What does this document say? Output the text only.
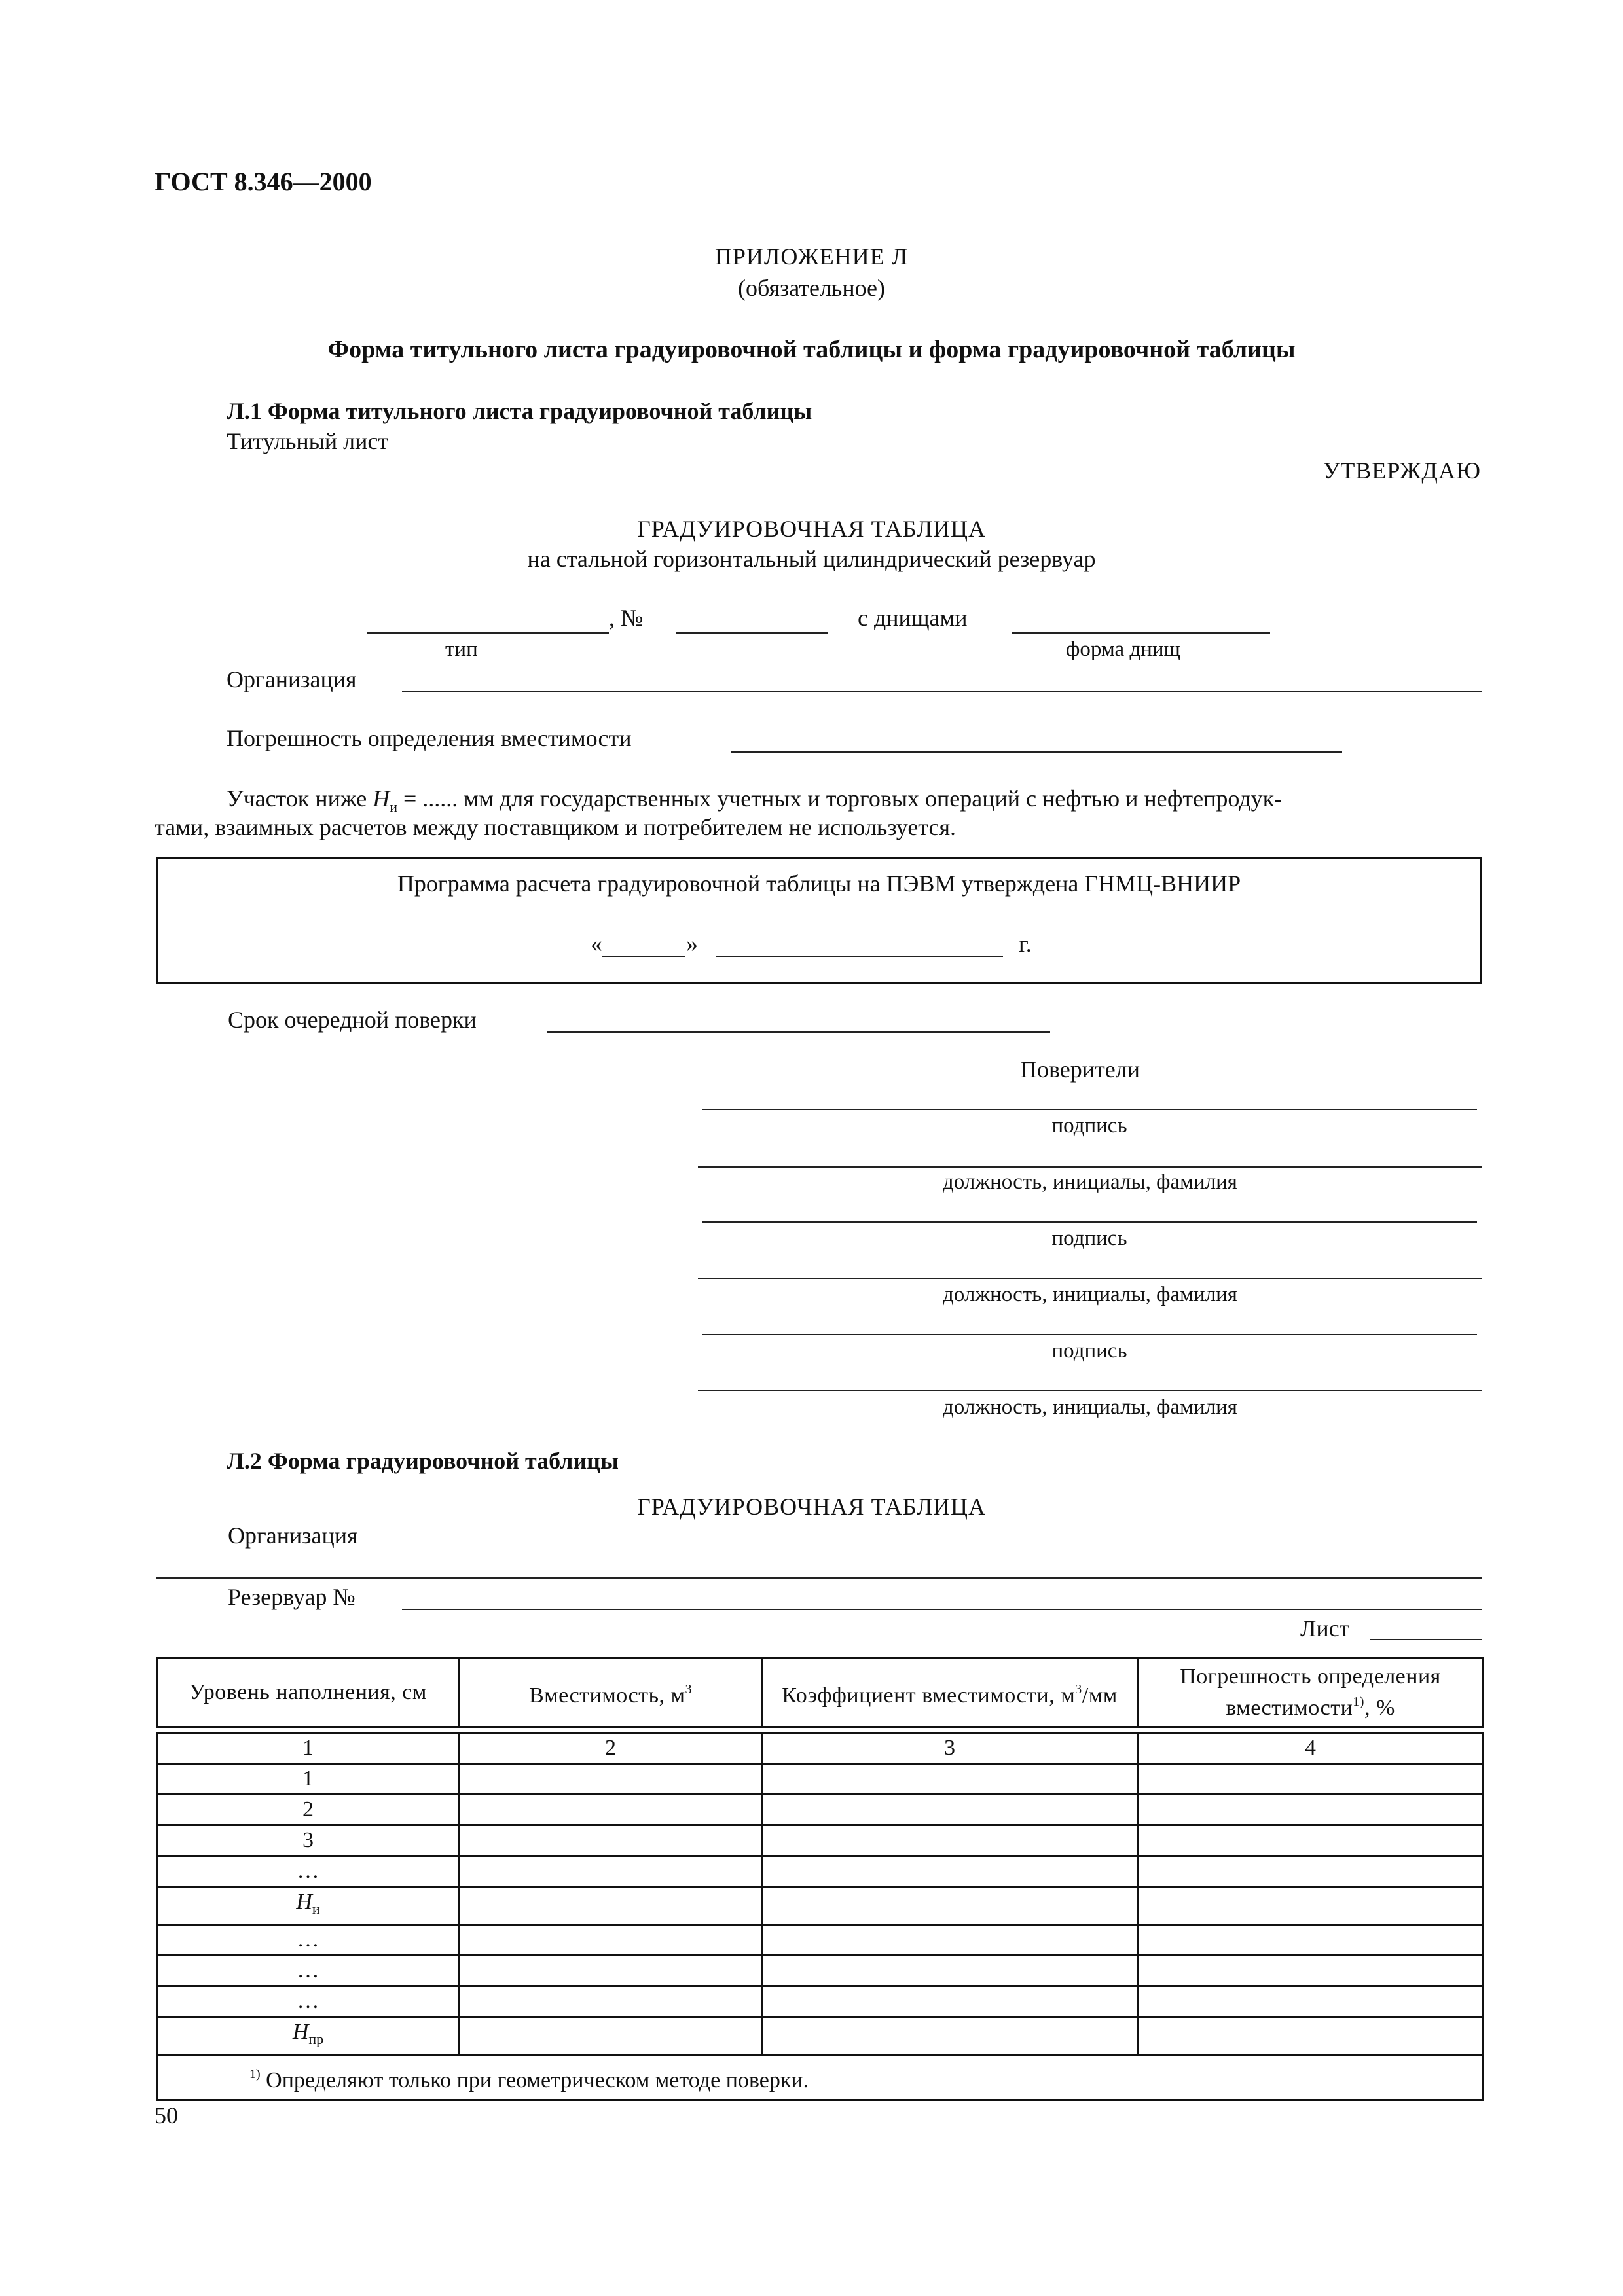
ГОСТ 8.346—2000
ПРИЛОЖЕНИЕ Л
(обязательное)
Форма титульного листа градуировочной таблицы и форма градуировочной таблицы
Л.1 Форма титульного листа градуировочной таблицы
Титульный лист
УТВЕРЖДАЮ
ГРАДУИРОВОЧНАЯ ТАБЛИЦА
на стальной горизонтальный цилиндрический резервуар
, №	с днищами
тип	форма днищ
Организация
Погрешность определения вместимости
Участок ниже $Н_и$ = ...... мм для государственных учетных и торговых операций с нефтью и нефтепродук-
тами, взаимных расчетов между поставщиком и потребителем не используется.
Программа расчета градуировочной таблицы на ПЭВМ утверждена ГНМЦ-ВНИИР
«	»	г.
Срок очередной поверки
Поверители
подпись
должность, инициалы, фамилия
подпись
должность, инициалы, фамилия
подпись
должность, инициалы, фамилия
Л.2 Форма градуировочной таблицы
ГРАДУИРОВОЧНАЯ ТАБЛИЦА
Организация
Резервуар №
Лист
Уровень наполнения, см	Вместимость, $м^3$	Коэффициент вместимости, $м^3/мм$	Погрешность определения вместимости$^{1)}$, %

1	2	3	4
1			
2			
3			
…			
$Н_и$			
…			
…			
…			
$Н_{пр}$			
$^{1)}$ Определяют только при геометрическом методе поверки.			
50
